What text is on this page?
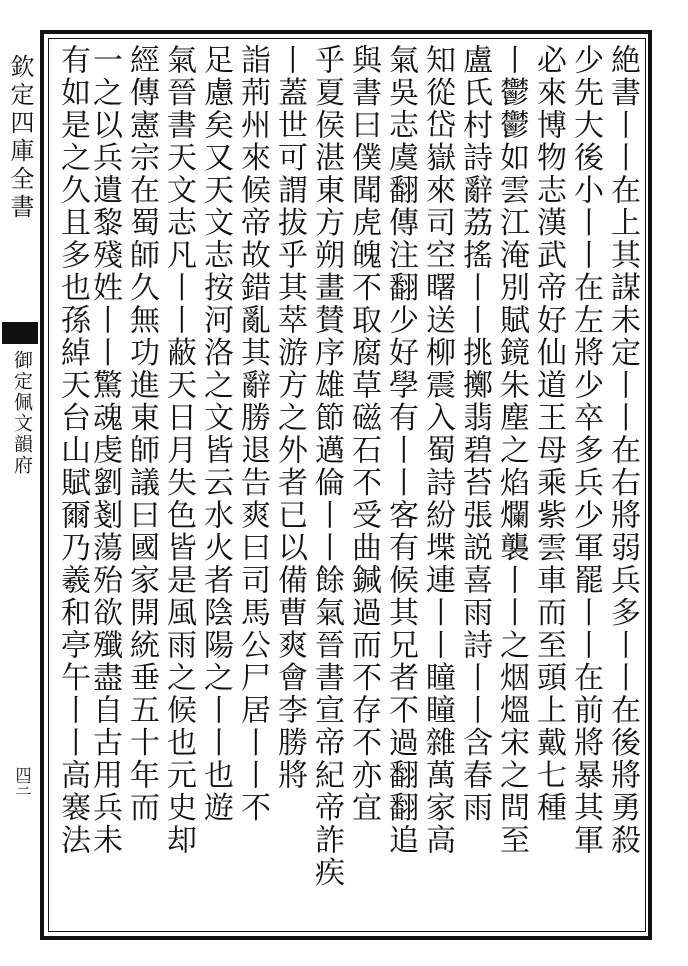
欽定四庫全書
御定佩文韻府
四三	絶書丨丨在上其謀未定丨丨在右將弱兵多丨丨在後將勇殺
少先大後小丨丨在左將少卒多兵少軍罷丨丨在前將暴其軍
必來博物志漢武帝好仙道王母乘紫雲車而至頭上戴七種
丨鬱鬱如雲江淹別賦鏡朱塵之焰爛襲丨丨之烟熅宋之問至
盧氏村詩辭荔搖丨丨挑擲翡碧苔張説喜雨詩丨丨含春雨
知從岱嶽來司空曙送柳震入蜀詩紛堞連丨丨瞳瞳雜萬家高
氣吳志虞翻傳注翻少好學有丨丨客有候其兄者不過翻翻追
與書曰僕聞虎魄不取腐草磁石不受曲鍼過而不存不亦宜
乎夏侯湛東方朔畫賛序雄節邁倫丨丨餘氣晉書宣帝紀帝詐疾
丨蓋世可謂拔乎其萃游方之外者已以備曹爽會李勝將
詣荊州來候帝故錯亂其辭勝退告爽曰司馬公尸居丨丨不
足慮矣又天文志按河洛之文皆云水火者陰陽之丨丨也遊
氣晉書天文志凡丨丨蔽天日月失色皆是風雨之候也元史却
經傳憲宗在蜀師久無功進東師議曰國家開統垂五十年而
一之以兵遺黎殘姓丨丨驚魂虔劉剗蕩殆欲殲盡自古用兵未
有如是之久且多也孫綽天台山賦爾乃羲和亭午丨丨高褰法
